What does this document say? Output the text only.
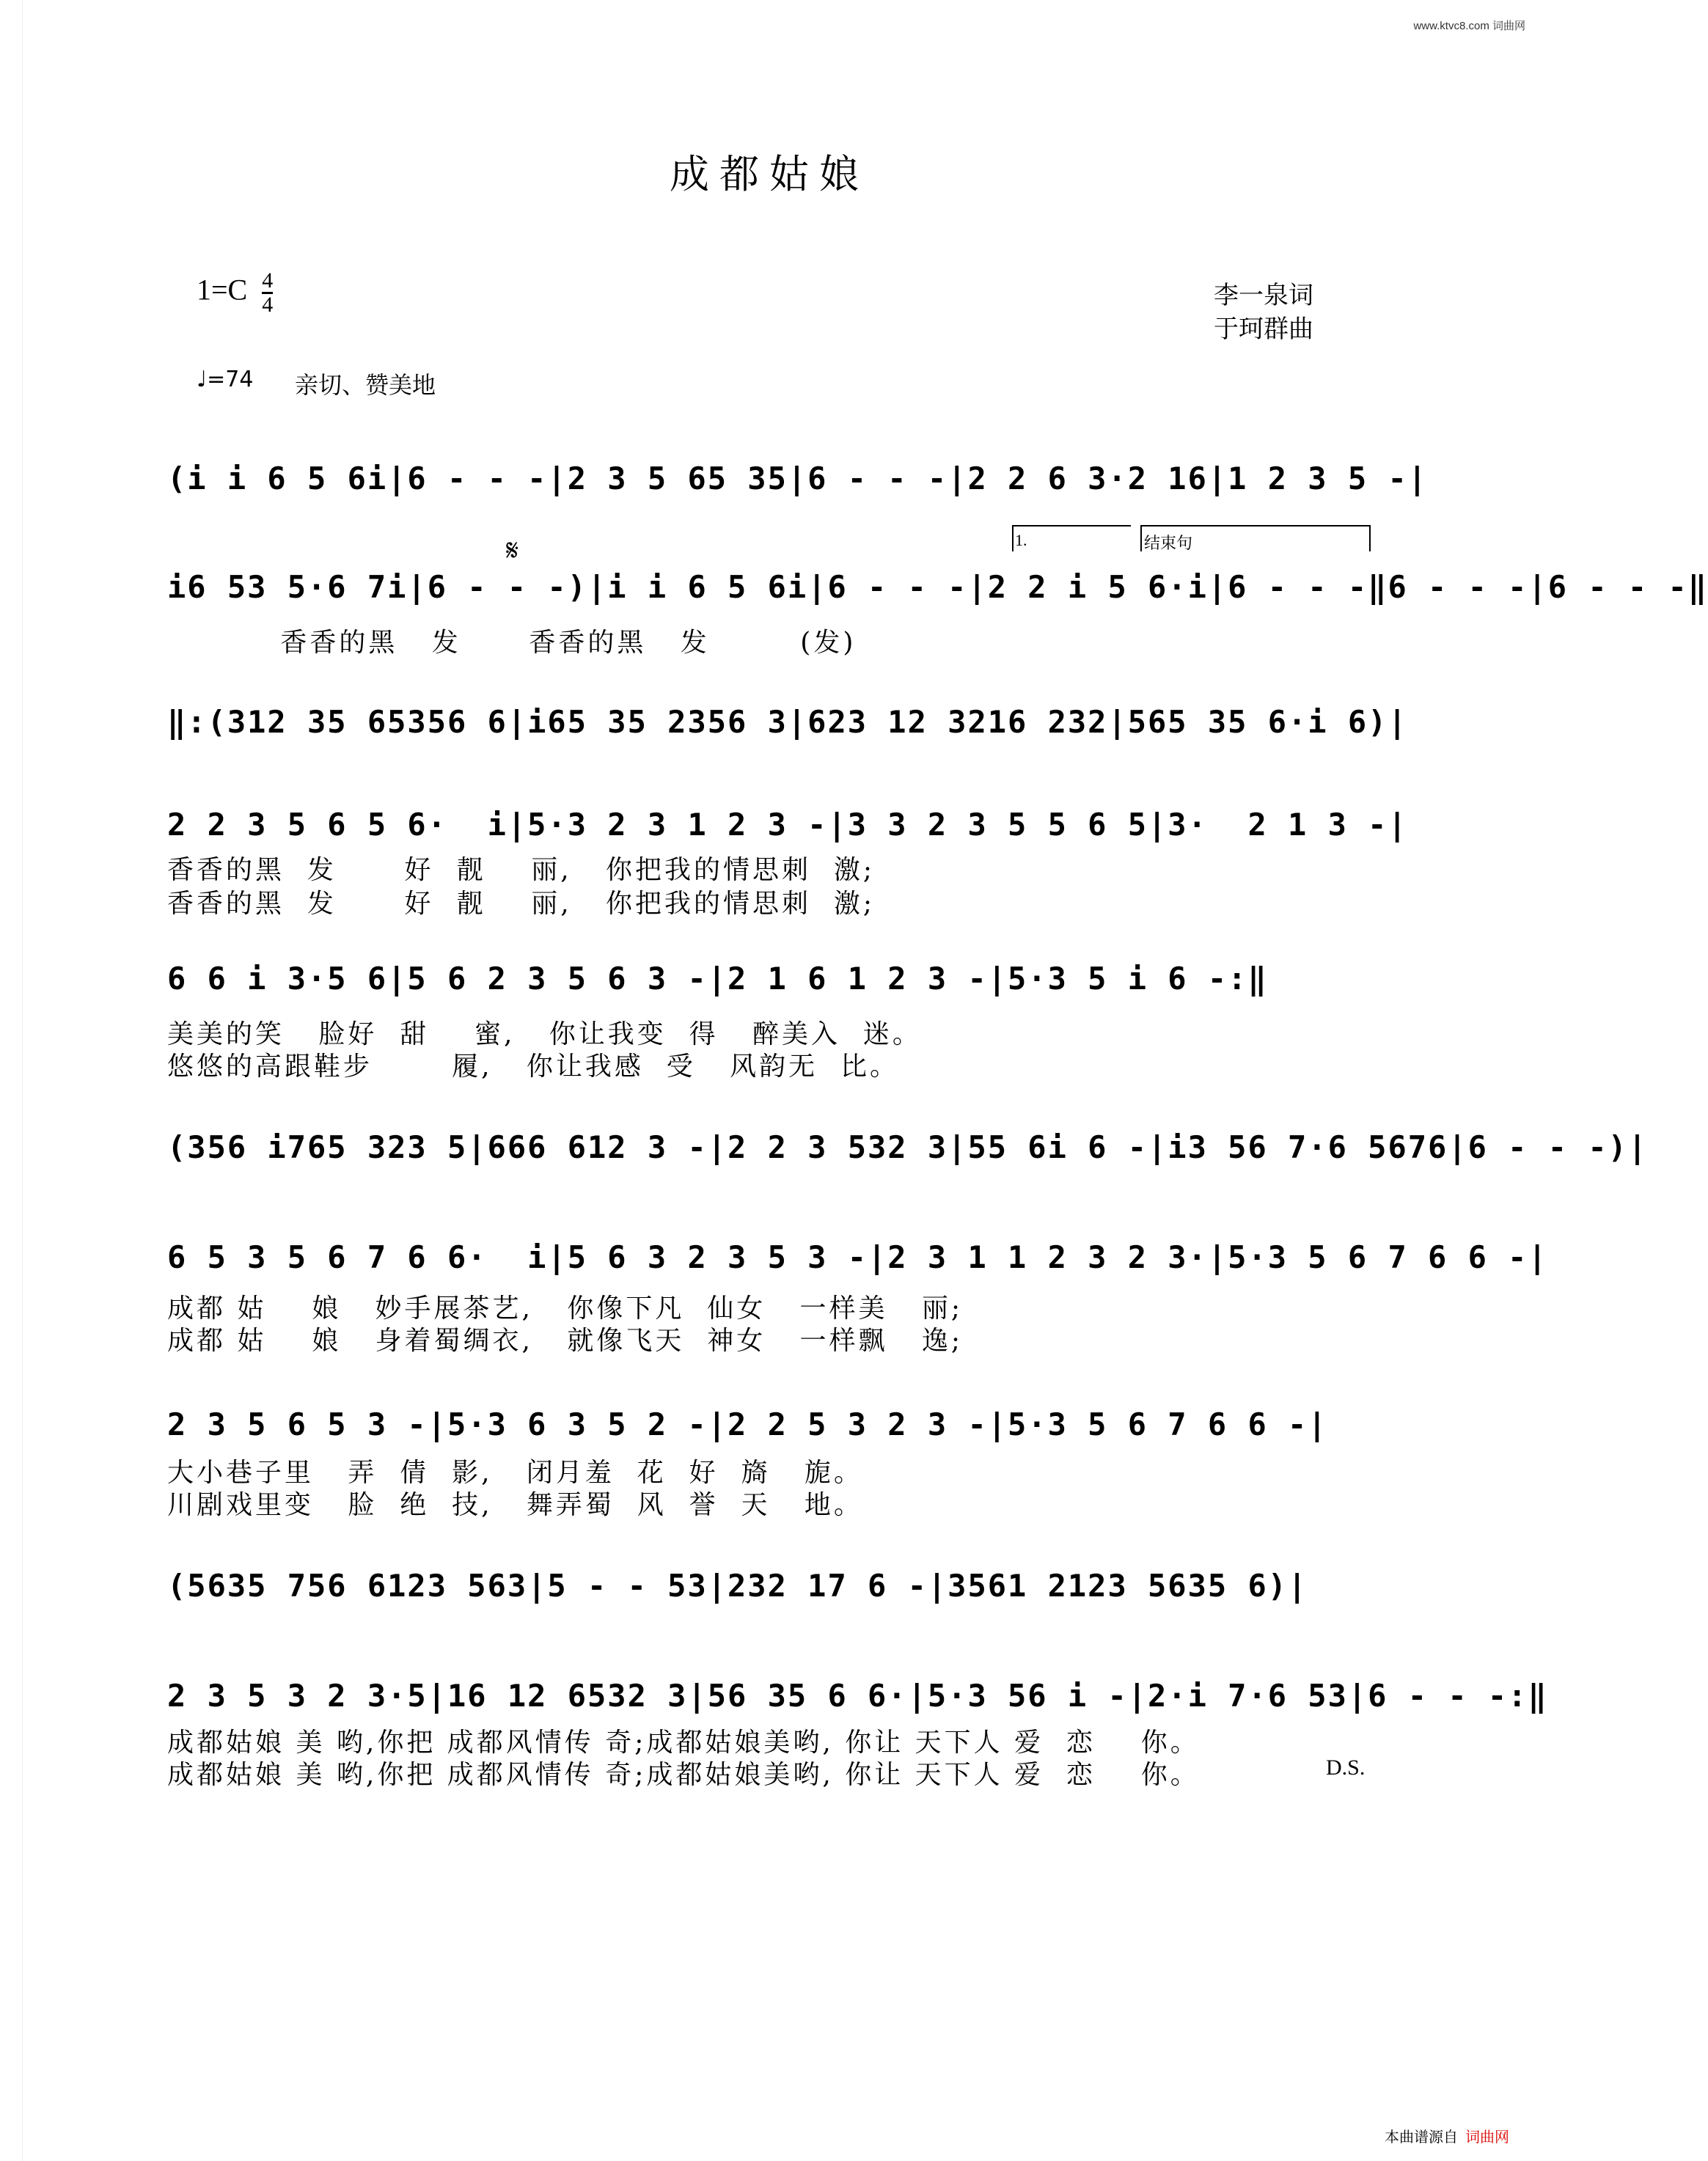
www.ktvc8.com 词曲网
成都姑娘
$1=C \frac{4}{4}$	李一泉词
于珂群曲
♩=74 亲切、赞美地
(i i 6 5 6i|6 - - -|2 3 5 65 35|6 - - -|2 2 6 3·2 16|1 2 3 5 -|
𝄋	1.	结束句
i6 53 5·6 7i|6 - - -)|i i 6 5 6i|6 - - -|2 2 i 5 6·i|6 - - -‖6 - - -|6 - - -‖
香香的黑   发      香香的黑   发        (发)
‖:(312 35 65356 6|i65 35 2356 3|623 12 3216 232|565 35 6·i 6)|
2 2 3 5 6 5 6·  i|5·3 2 3 1 2 3 -|3 3 2 3 5 5 6 5|3·  2 1 3 -|
香香的黑  发      好  靓    丽,   你把我的情思刺  激;
香香的黑  发      好  靓    丽,   你把我的情思刺  激;
6 6 i 3·5 6|5 6 2 3 5 6 3 -|2 1 6 1 2 3 -|5·3 5 i 6 -:‖
美美的笑   脸好  甜    蜜,   你让我变  得   醉美入  迷。
悠悠的高跟鞋步       履,   你让我感  受   风韵无  比。
(356 i765 323 5|666 612 3 -|2 2 3 532 3|55 6i 6 -|i3 56 7·6 5676|6 - - -)|
6 5 3 5 6 7 6 6·  i|5 6 3 2 3 5 3 -|2 3 1 1 2 3 2 3·|5·3 5 6 7 6 6 -|
成都 姑    娘   妙手展茶艺,   你像下凡  仙女   一样美   丽;
成都 姑    娘   身着蜀绸衣,   就像飞天  神女   一样飘   逸;
2 3 5 6 5 3 -|5·3 6 3 5 2 -|2 2 5 3 2 3 -|5·3 5 6 7 6 6 -|
大小巷子里   弄  倩  影,   闭月羞  花  好  旖   旎。
川剧戏里变   脸  绝  技,   舞弄蜀  风  誉  天   地。
(5635 756 6123 563|5 - - 53|232 17 6 -|3561 2123 5635 6)|
2 3 5 3 2 3·5|16 12 6532 3|56 35 6 6·|5·3 56 i -|2·i 7·6 53|6 - - -:‖
成都姑娘 美 哟,你把 成都风情传 奇;成都姑娘美哟, 你让 天下人 爱  恋    你。
成都姑娘 美 哟,你把 成都风情传 奇;成都姑娘美哟, 你让 天下人 爱  恋    你。	D.S.
本曲谱源自 词曲网
